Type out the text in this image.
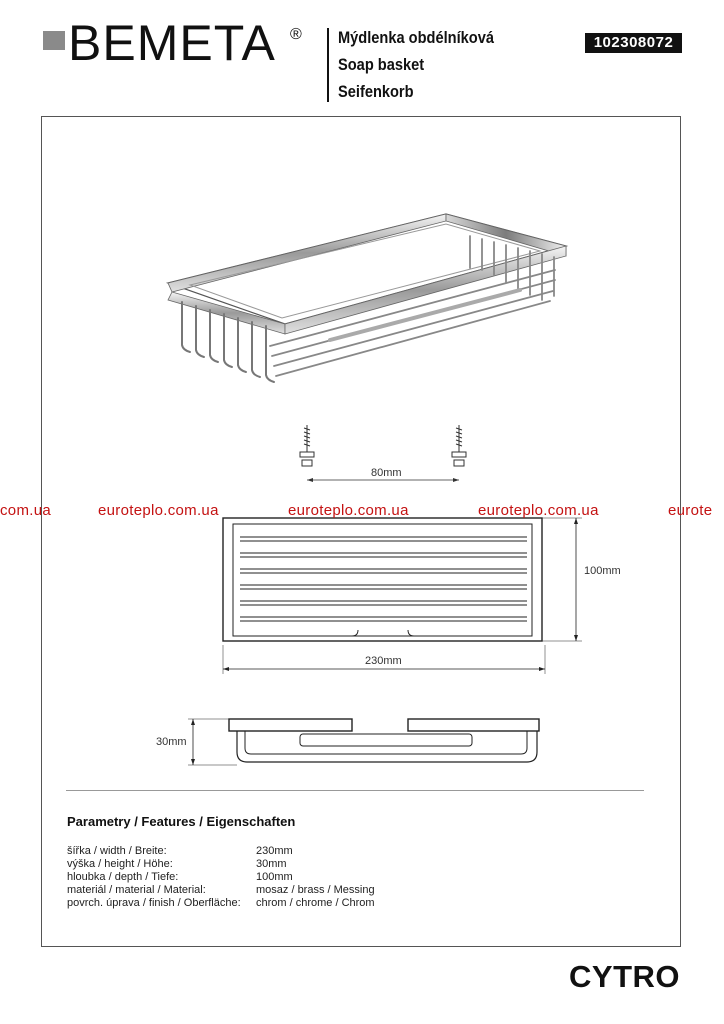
BEMETA ® Mýdlenka obdélníková
Soap basket
Seifenkorb
102308072
80mm
100mm
230mm
30mm
com.ua	euroteplo.com.ua	euroteplo.com.ua	euroteplo.com.ua	eurote
Parametry / Features / Eigenschaften
šířka / width / Breite:	230mm
výška / height / Höhe:	30mm
hloubka / depth / Tiefe:	100mm
materiál / material / Material:	mosaz / brass / Messing
povrch. úprava / finish / Oberfläche: chrom / chrome / Chrom
CYTRO
